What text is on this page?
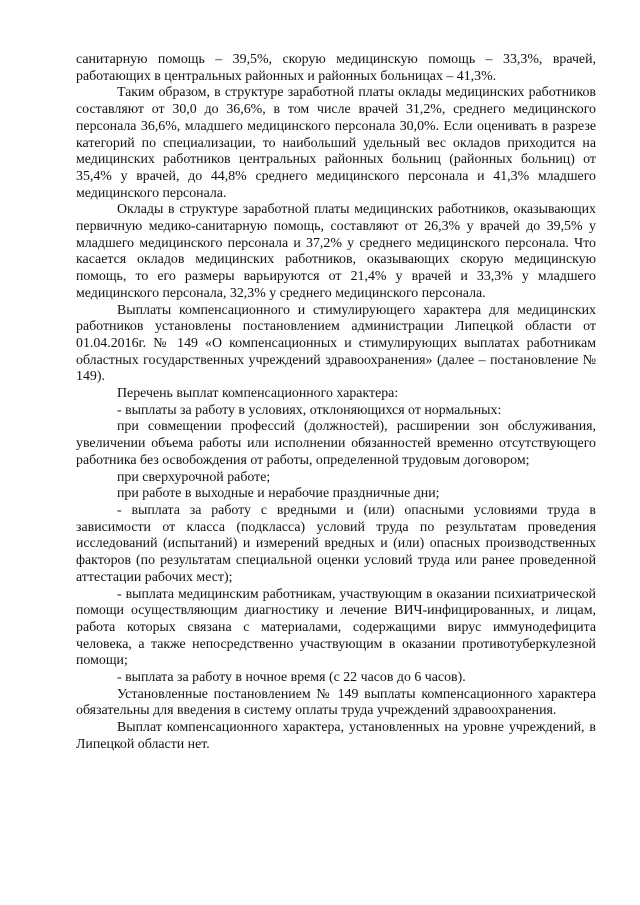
санитарную помощь – 39,5%, скорую медицинскую помощь – 33,3%, врачей, работающих в центральных районных и районных больницах – 41,3%.

Таким образом, в структуре заработной платы оклады медицинских работников составляют от 30,0 до 36,6%, в том числе врачей 31,2%, среднего медицинского персонала 36,6%, младшего медицинского персонала 30,0%. Если оценивать в разрезе категорий по специализации, то наибольший удельный вес окладов приходится на медицинских работников центральных районных больниц (районных больниц) от 35,4% у врачей, до 44,8% среднего медицинского персонала и 41,3% младшего медицинского персонала.

Оклады в структуре заработной платы медицинских работников, оказывающих первичную медико-санитарную помощь, составляют от 26,3% у врачей до 39,5% у младшего медицинского персонала и 37,2% у среднего медицинского персонала. Что касается окладов медицинских работников, оказывающих скорую медицинскую помощь, то его размеры варьируются от 21,4% у врачей и 33,3% у младшего медицинского персонала, 32,3% у среднего медицинского персонала.

Выплаты компенсационного и стимулирующего характера для медицинских работников установлены постановлением администрации Липецкой области от 01.04.2016г. № 149 «О компенсационных и стимулирующих выплатах работникам областных государственных учреждений здравоохранения» (далее – постановление № 149).

Перечень выплат компенсационного характера:

- выплаты за работу в условиях, отклоняющихся от нормальных:

при совмещении профессий (должностей), расширении зон обслуживания, увеличении объема работы или исполнении обязанностей временно отсутствующего работника без освобождения от работы, определенной трудовым договором;

при сверхурочной работе;

при работе в выходные и нерабочие праздничные дни;

- выплата за работу с вредными и (или) опасными условиями труда в зависимости от класса (подкласса) условий труда по результатам проведения исследований (испытаний) и измерений вредных и (или) опасных производственных факторов (по результатам специальной оценки условий труда или ранее проведенной аттестации рабочих мест);

- выплата медицинским работникам, участвующим в оказании психиатрической помощи осуществляющим диагностику и лечение ВИЧ-инфицированных, и лицам, работа которых связана с материалами, содержащими вирус иммунодефицита человека, а также непосредственно участвующим в оказании противотуберкулезной помощи;

- выплата за работу в ночное время (с 22 часов до 6 часов).

Установленные постановлением № 149 выплаты компенсационного характера обязательны для введения в систему оплаты труда учреждений здравоохранения.

Выплат компенсационного характера, установленных на уровне учреждений, в Липецкой области нет.
